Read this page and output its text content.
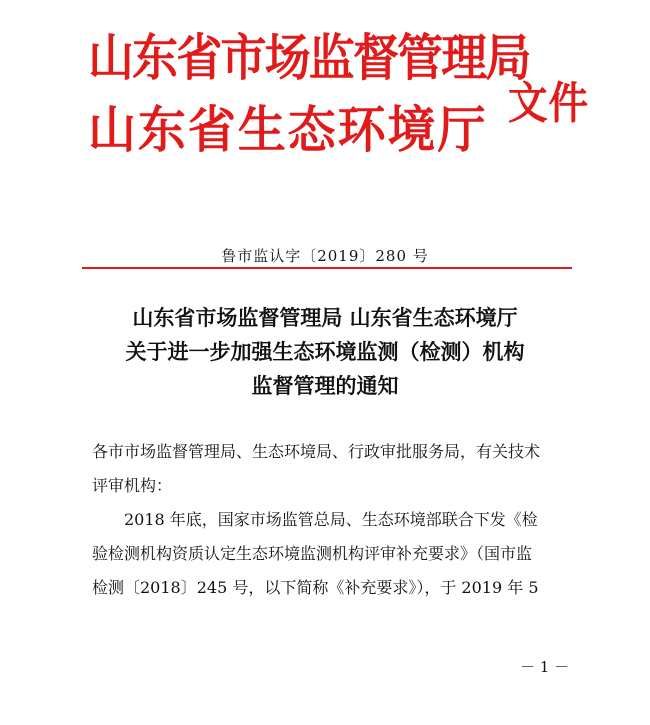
山东省市场监督管理局
山东省生态环境厅 文件
鲁市监认字〔2019〕280 号
山东省市场监督管理局 山东省生态环境厅
关于进一步加强生态环境监测（检测）机构
监督管理的通知
各市市场监督管理局、生态环境局、行政审批服务局，有关技术
评审机构：
2018 年底，国家市场监管总局、生态环境部联合下发《检
验检测机构资质认定生态环境监测机构评审补充要求》（国市监
检测〔2018〕245 号，以下简称《补充要求》），于 2019 年 5
－ 1 －
